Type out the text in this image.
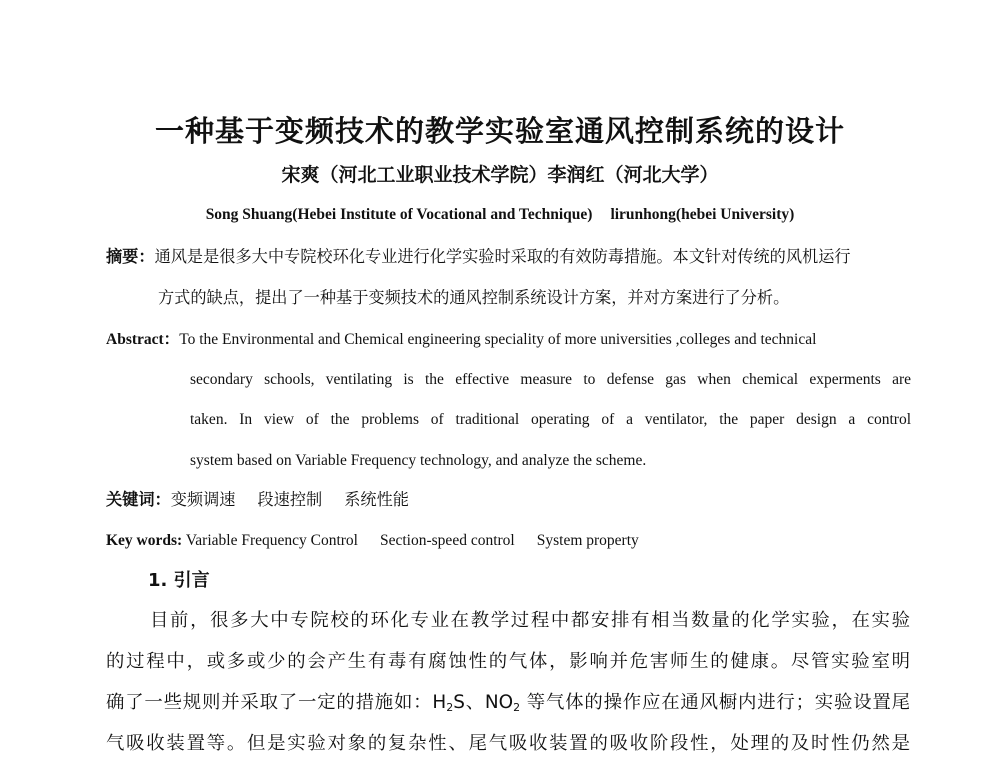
一种基于变频技术的教学实验室通风控制系统的设计
宋爽（河北工业职业技术学院）李润红（河北大学）
Song Shuang(Hebei Institute of Vocational and Technique) lirunhong(hebei University)
摘要：通风是是很多大中专院校环化专业进行化学实验时采取的有效防毒措施。本文针对传统的风机运行
方式的缺点，提出了一种基于变频技术的通风控制系统设计方案，并对方案进行了分析。
Abstract：To the Environmental and Chemical engineering speciality of more universities ,colleges and technical
secondary schools, ventilating is the effective measure to defense gas when chemical experments are
taken. In view of the problems of traditional operating of a ventilator, the paper design a control
system based on Variable Frequency technology, and analyze the scheme.
关键词：变频调速 段速控制 系统性能
Key words: Variable Frequency Control Section-speed control System property
1. 引言
目前，很多大中专院校的环化专业在教学过程中都安排有相当数量的化学实验，在实验
的过程中，或多或少的会产生有毒有腐蚀性的气体，影响并危害师生的健康。尽管实验室明
确了一些规则并采取了一定的措施如：$H_2S$、$NO_2$ 等气体的操作应在通风橱内进行；实验设置尾
气吸收装置等。但是实验对象的复杂性、尾气吸收装置的吸收阶段性，处理的及时性仍然是
